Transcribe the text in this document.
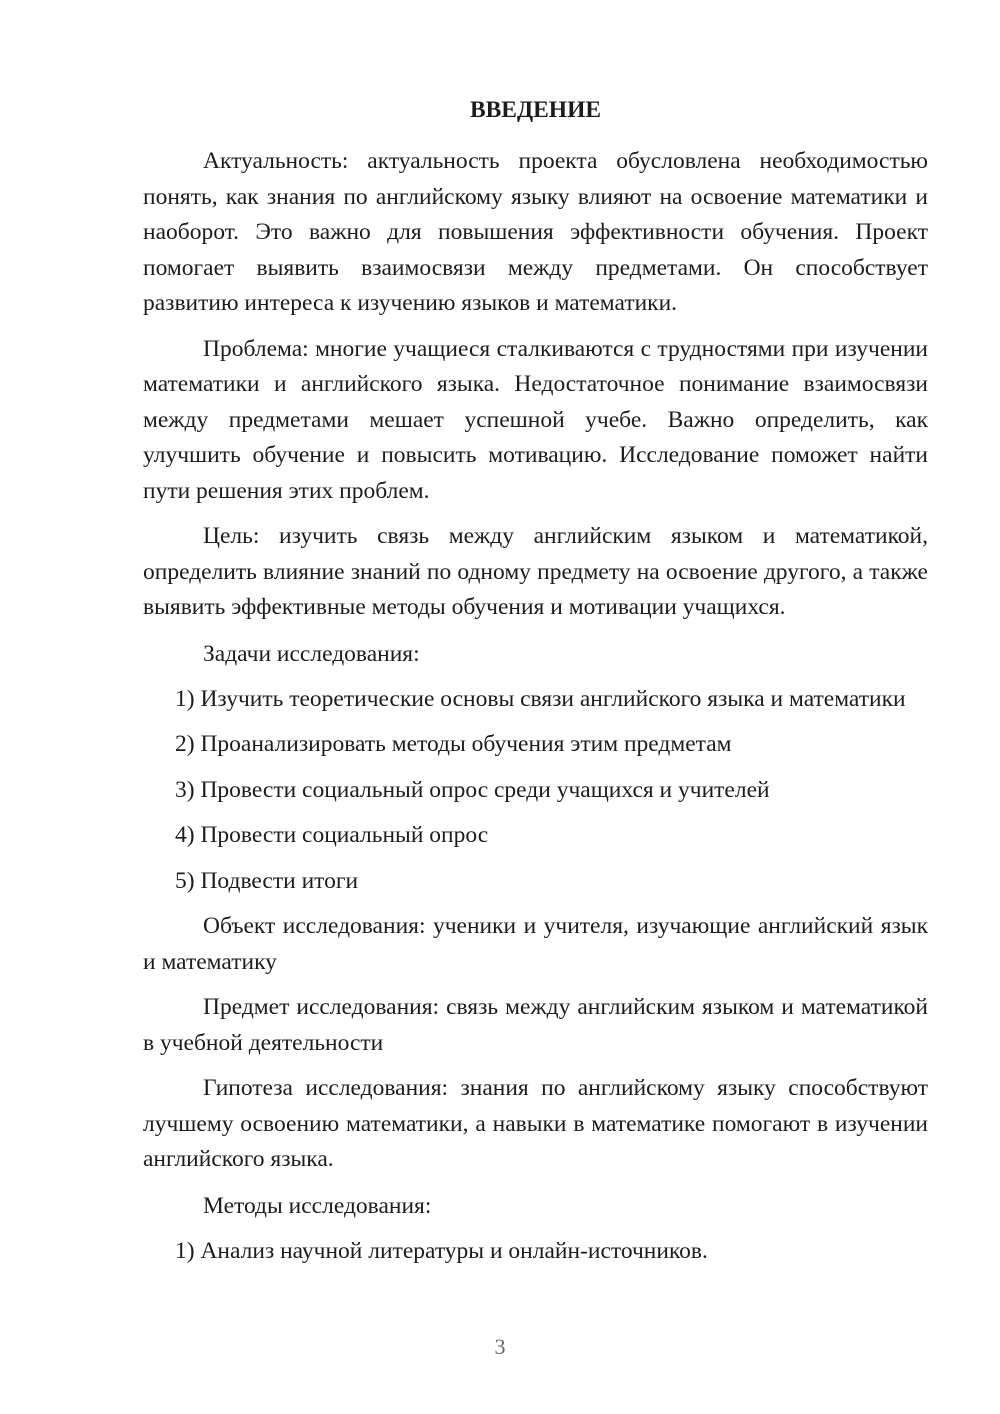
ВВЕДЕНИЕ

Актуальность: актуальность проекта обусловлена необходимостью понять, как знания по английскому языку влияют на освоение математики и наоборот. Это важно для повышения эффективности обучения. Проект помогает выявить взаимосвязи между предметами. Он способствует развитию интереса к изучению языков и математики.

Проблема: многие учащиеся сталкиваются с трудностями при изучении математики и английского языка. Недостаточное понимание взаимосвязи между предметами мешает успешной учебе. Важно определить, как улучшить обучение и повысить мотивацию. Исследование поможет найти пути решения этих проблем.

Цель: изучить связь между английским языком и математикой, определить влияние знаний по одному предмету на освоение другого, а также выявить эффективные методы обучения и мотивации учащихся.

Задачи исследования:

1) Изучить теоретические основы связи английского языка и математики

2) Проанализировать методы обучения этим предметам

3) Провести социальный опрос среди учащихся и учителей

4) Провести социальный опрос

5) Подвести итоги

Объект исследования: ученики и учителя, изучающие английский язык и математику

Предмет исследования: связь между английским языком и математикой в учебной деятельности

Гипотеза исследования: знания по английскому языку способствуют лучшему освоению математики, а навыки в математике помогают в изучении английского языка.

Методы исследования:

1) Анализ научной литературы и онлайн-источников.

3
